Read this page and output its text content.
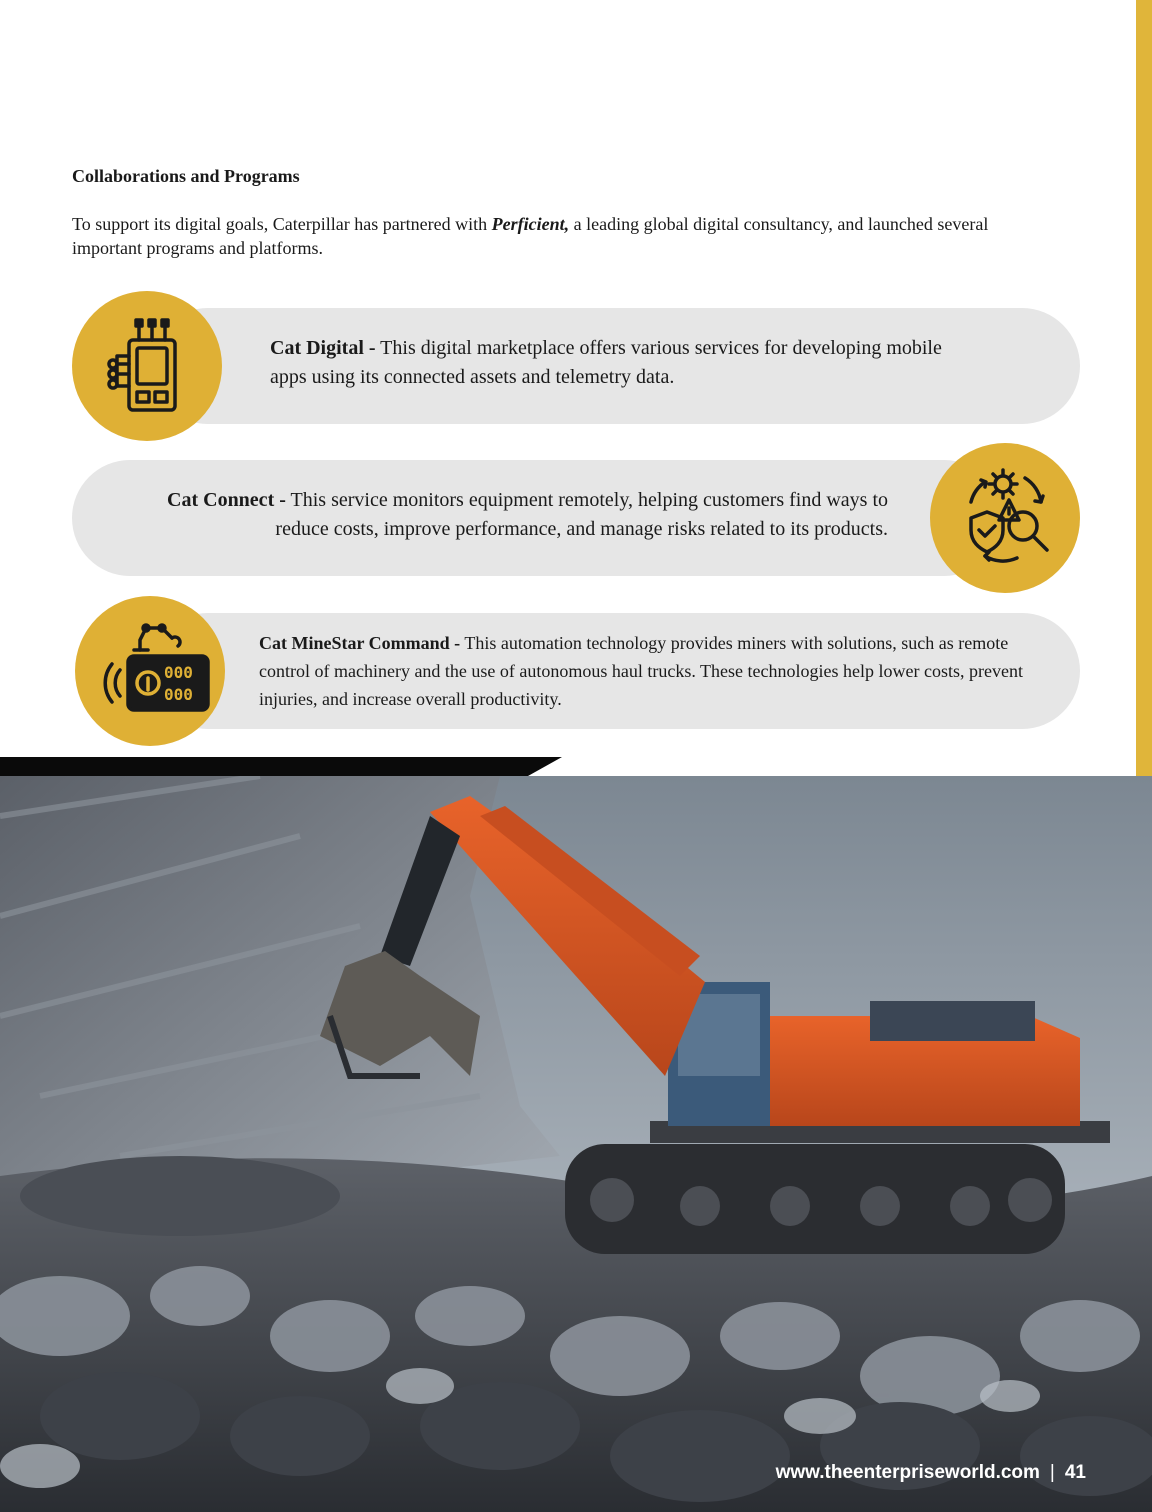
Collaborations and Programs

To support its digital goals, Caterpillar has partnered with Perficient, a leading global digital consultancy, and launched several important programs and platforms.

Cat Digital - This digital marketplace offers various services for developing mobile apps using its connected assets and telemetry data.

Cat Connect - This service monitors equipment remotely, helping customers find ways to reduce costs, improve performance, and manage risks related to its products.

000
000

Cat MineStar Command - This automation technology provides miners with solutions, such as remote control of machinery and the use of autonomous haul trucks. These technologies help lower costs, prevent injuries, and increase overall productivity.

www.theenterpriseworld.com | 41
